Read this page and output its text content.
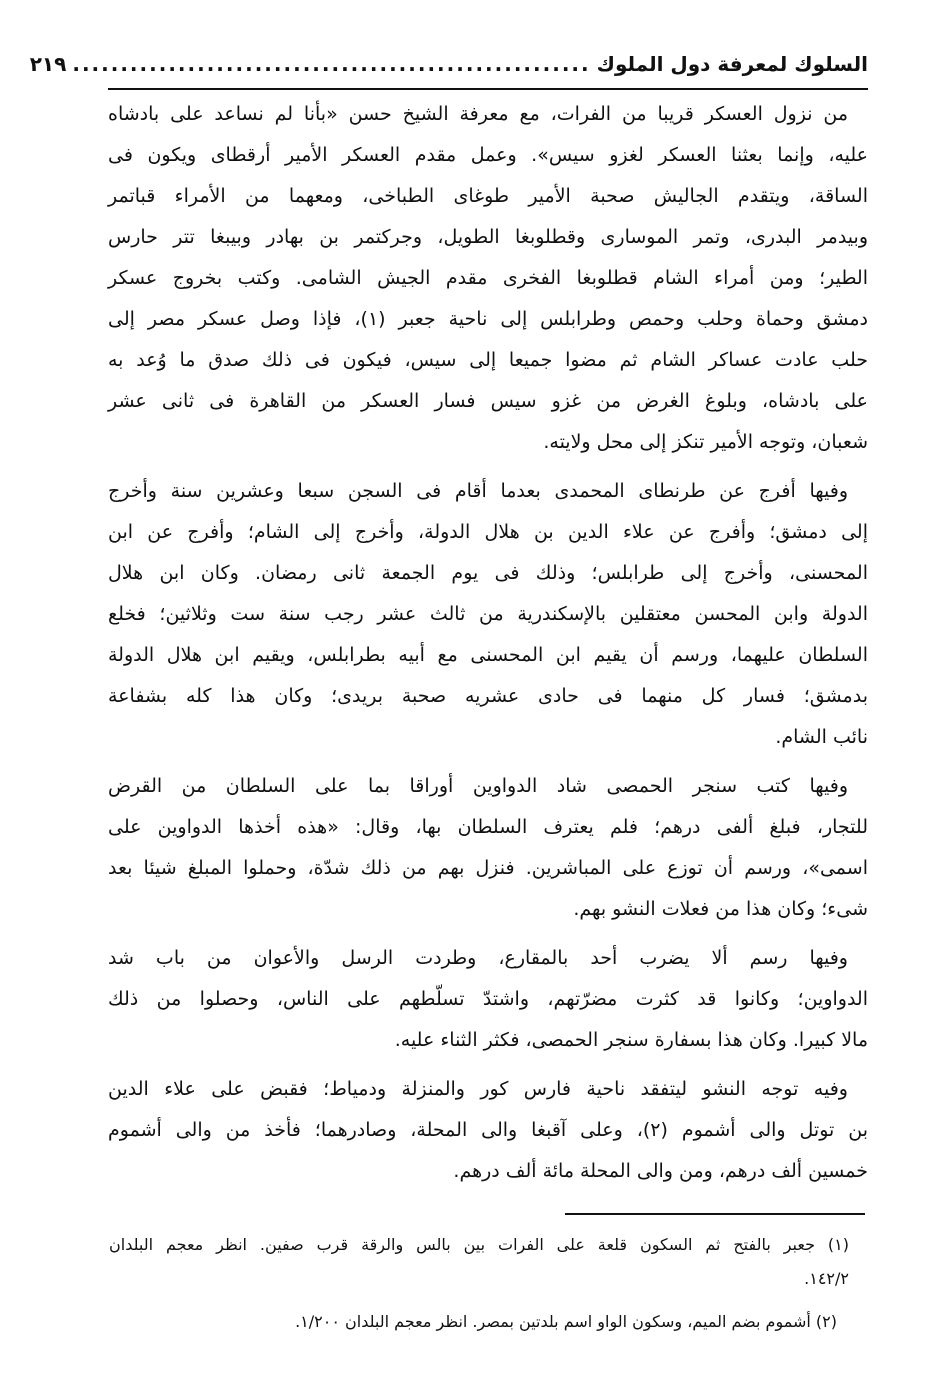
السلوك لمعرفة دول الملوك
......................................................
٢١٩
من نزول العسكر قريبا من الفرات، مع معرفة الشيخ حسن «بأنا لم نساعد على بادشاه
عليه، وإنما بعثنا العسكر لغزو سيس». وعمل مقدم العسكر الأمير أرقطاى ويكون فى
الساقة، ويتقدم الجاليش صحبة الأمير طوغاى الطباخى، ومعهما من الأمراء قباتمر
وبيدمر البدرى، وتمر الموسارى وقطلوبغا الطويل، وجركتمر بن بهادر وبيبغا تتر حارس
الطير؛ ومن أمراء الشام قطلوبغا الفخرى مقدم الجيش الشامى. وكتب بخروج عسكر
دمشق وحماة وحلب وحمص وطرابلس إلى ناحية جعبر (١)، فإذا وصل عسكر مصر إلى
حلب عادت عساكر الشام ثم مضوا جميعا إلى سيس، فيكون فى ذلك صدق ما وُعد به
على بادشاه، وبلوغ الغرض من غزو سيس فسار العسكر من القاهرة فى ثانى عشر
شعبان، وتوجه الأمير تنكز إلى محل ولايته.
وفيها أفرج عن طرنطاى المحمدى بعدما أقام فى السجن سبعا وعشرين سنة وأخرج
إلى دمشق؛ وأفرج عن علاء الدين بن هلال الدولة، وأخرج إلى الشام؛ وأفرج عن ابن
المحسنى، وأخرج إلى طرابلس؛ وذلك فى يوم الجمعة ثانى رمضان. وكان ابن هلال
الدولة وابن المحسن معتقلين بالإسكندرية من ثالث عشر رجب سنة ست وثلاثين؛ فخلع
السلطان عليهما، ورسم أن يقيم ابن المحسنى مع أبيه بطرابلس، ويقيم ابن هلال الدولة
بدمشق؛ فسار كل منهما فى حادى عشريه صحبة بريدى؛ وكان هذا كله بشفاعة
نائب الشام.
وفيها كتب سنجر الحمصى شاد الدواوين أوراقا بما على السلطان من القرض
للتجار، فبلغ ألفى درهم؛ فلم يعترف السلطان بها، وقال: «هذه أخذها الدواوين على
اسمى»، ورسم أن توزع على المباشرين. فنزل بهم من ذلك شدّة، وحملوا المبلغ شيئا بعد
شىء؛ وكان هذا من فعلات النشو بهم.
وفيها رسم ألا يضرب أحد بالمقارع، وطردت الرسل والأعوان من باب شد
الدواوين؛ وكانوا قد كثرت مضرّتهم، واشتدّ تسلّطهم على الناس، وحصلوا من ذلك
مالا كبيرا. وكان هذا بسفارة سنجر الحمصى، فكثر الثناء عليه.
وفيه توجه النشو ليتفقد ناحية فارس كور والمنزلة ودمياط؛ فقبض على علاء الدين
بن توتل والى أشموم (٢)، وعلى آقبغا والى المحلة، وصادرهما؛ فأخذ من والى أشموم
خمسين ألف درهم، ومن والى المحلة مائة ألف درهم.
(١) جعبر بالفتح ثم السكون قلعة على الفرات بين بالس والرقة قرب صفين. انظر معجم البلدان
١٤٢/٢.
(٢) أشموم بضم الميم، وسكون الواو اسم بلدتين بمصر. انظر معجم البلدان ١/٢٠٠.
